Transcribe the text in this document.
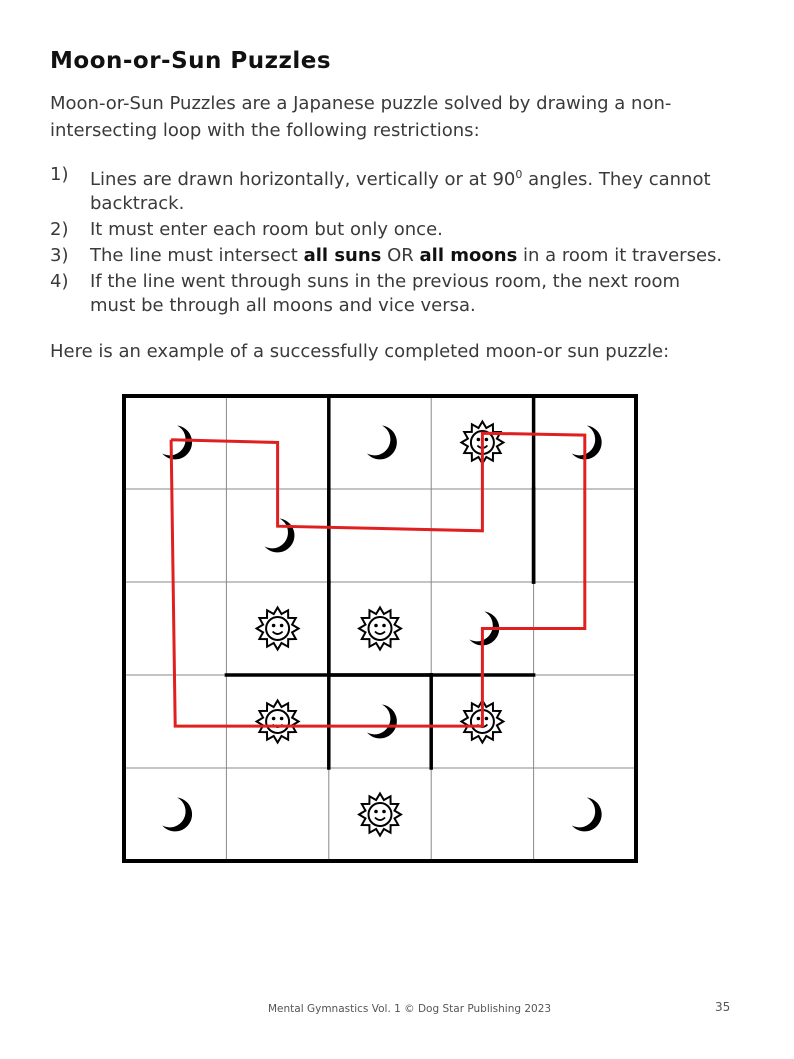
Moon-or-Sun Puzzles

Moon-or-Sun Puzzles are a Japanese puzzle solved by drawing a non-intersecting loop with the following restrictions:

1) Lines are drawn horizontally, vertically or at $90^0$ angles. They cannot backtrack.
2) It must enter each room but only once.
3) The line must intersect all suns OR all moons in a room it traverses.
4) If the line went through suns in the previous room, the next room must be through all moons and vice versa.

Here is an example of a successfully completed moon-or sun puzzle:

Mental Gymnastics Vol. 1 © Dog Star Publishing 2023	35
